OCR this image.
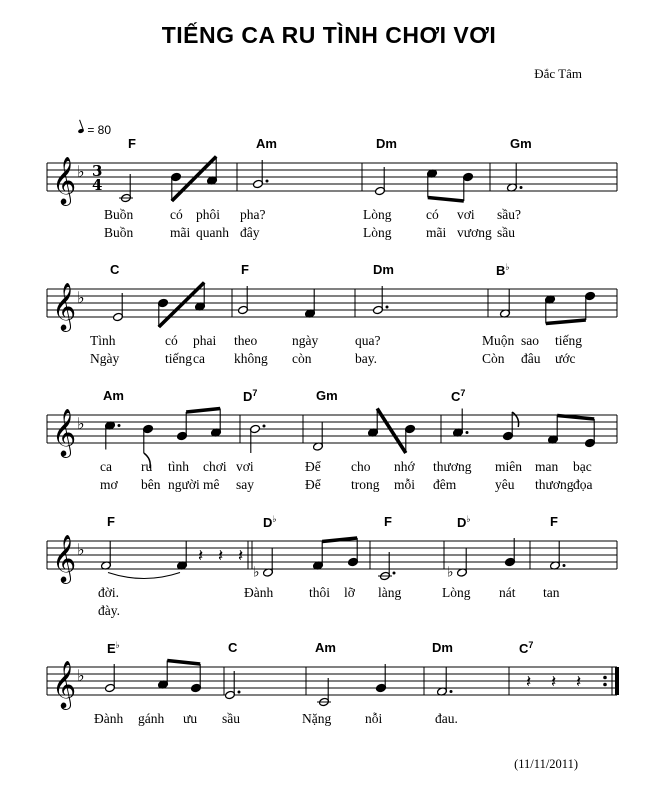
TIẾNG CA RU TÌNH CHƠI VƠI
Đắc Tâm
= 80
𝄞 ♭ 3
4
𝄞 ♭
𝄞 ♭
𝄞 ♭
♭	♭
𝄽 𝄽 𝄽
𝄞 ♭	𝄽 𝄽 𝄽
F	Am	Dm	Gm
Buồn	có phôi pha?	Lòng	có vơi sầu?
Buồn	mãi quanh đây	Lòng	mãi vương sầu
C	F	Dm	B♭
Tình	có phai theo	ngày	qua?	Muộn sao tiếng
Ngày	tiếng ca không còn	bay.	Còn đâu ước
Am	$D^7$	Gm	$C^7$
ca ru tình chơi vơi	Để cho nhớ thương miên man bạc
mơ bên người mê say	Để trong mỗi đêm	yêu thương đọa
F	D♭	F	D♭	F
đời.	Đành	thôi lỡ làng	Lòng nát tan
đày.
E♭	C	Am	Dm	$C^7$
Đành gánh ưu sầu	Nặng	nỗi	đau.
(11/11/2011)
